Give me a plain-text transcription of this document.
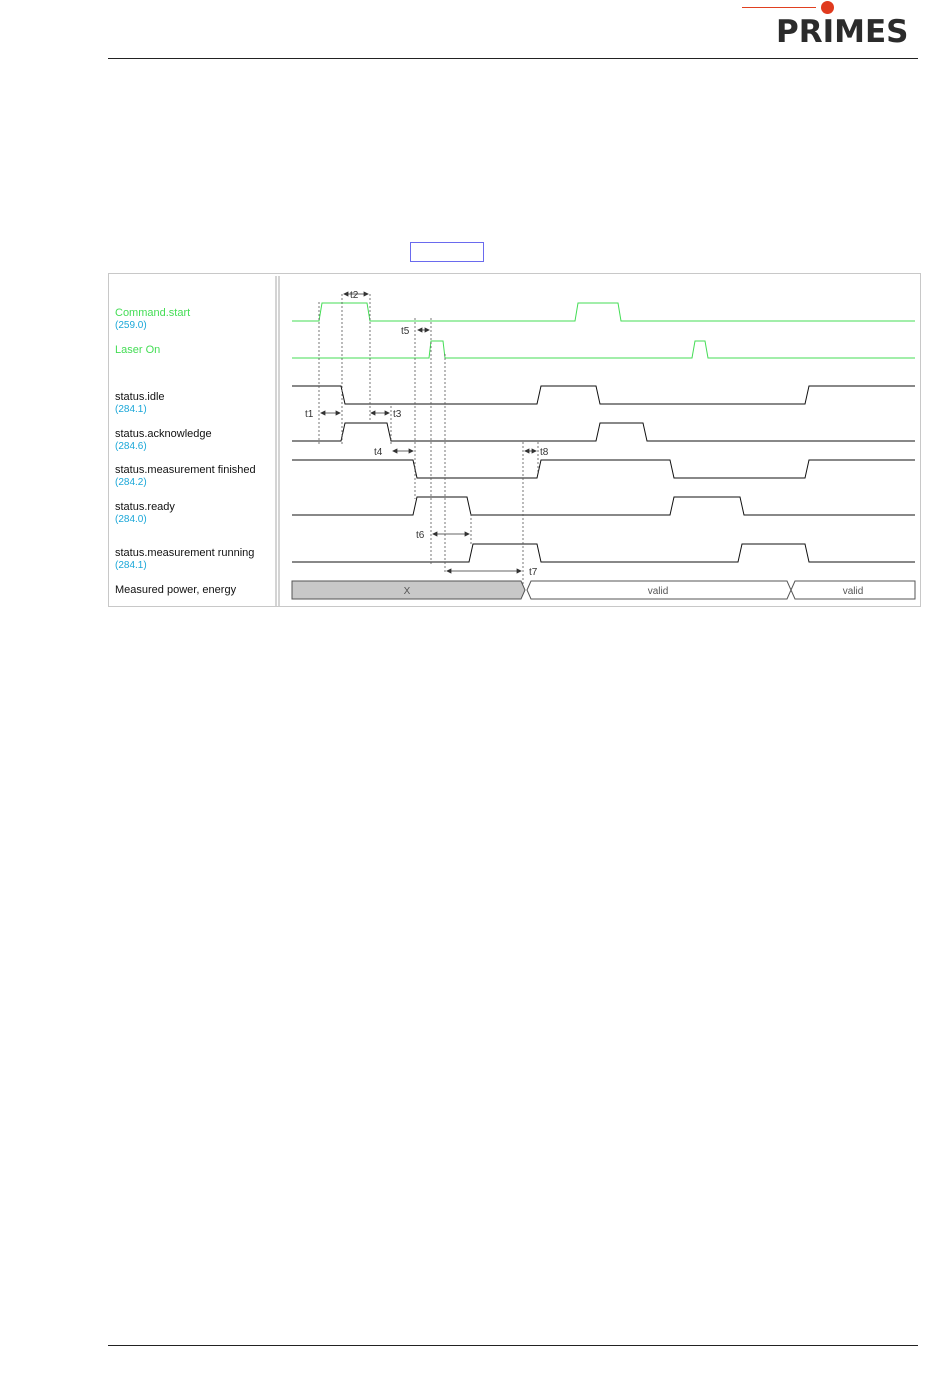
PRIMES
Command.start
(259.0)
Laser On
status.idle
(284.1)
status.acknowledge
(284.6)
status.measurement finished
(284.2)
status.ready
(284.0)
status.measurement running
(284.1)
Measured power, energy	X	valid	valid
t2
t1	t3
t5
t4	t8
t6
t7
